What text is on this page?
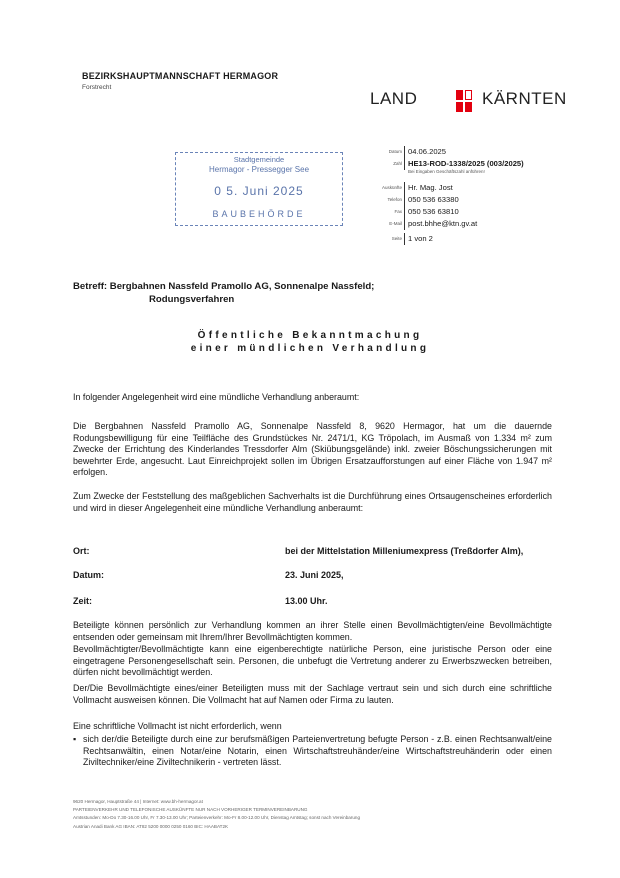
BEZIRKSHAUPTMANNSCHAFT HERMAGOR
Forstrecht
LAND	KÄRNTEN
Stadtgemeinde
Hermagor - Pressegger See
0 5. Juni 2025
BAUBEHÖRDE
Datum 04.06.2025
Zahl HE13-ROD-1338/2025 (003/2025)
Bei Eingaben Geschäftszahl anführen!
Auskünfte Hr. Mag. Jost
Telefon 050 536 63380
Fax 050 536 63810
E-Mail post.bhhe@ktn.gv.at
Seite 1 von 2
Betreff: Bergbahnen Nassfeld Pramollo AG, Sonnenalpe Nassfeld;
Rodungsverfahren
Öffentliche Bekanntmachung
einer mündlichen Verhandlung
In folgender Angelegenheit wird eine mündliche Verhandlung anberaumt:
Die Bergbahnen Nassfeld Pramollo AG, Sonnenalpe Nassfeld 8, 9620 Hermagor, hat um die dauernde Rodungsbewilligung für eine Teilfläche des Grundstückes Nr. 2471/1, KG Tröpolach, im Ausmaß von 1.334 m² zum Zwecke der Errichtung des Kinderlandes Tressdorfer Alm (Skiübungsgelände) inkl. zweier Böschungssicherungen mit bewehrter Erde, angesucht. Laut Einreichprojekt sollen im Übrigen Ersatzaufforstungen auf einer Fläche von 1.947 m² erfolgen.
Zum Zwecke der Feststellung des maßgeblichen Sachverhalts ist die Durchführung eines Ortsaugenscheines erforderlich und wird in dieser Angelegenheit eine mündliche Verhandlung anberaumt:
Ort:	bei der Mittelstation Milleniumexpress (Treßdorfer Alm),
Datum:	23. Juni 2025,
Zeit:	13.00 Uhr.
Beteiligte können persönlich zur Verhandlung kommen an ihrer Stelle einen Bevollmächtigten/eine Bevollmächtigte entsenden oder gemeinsam mit Ihrem/Ihrer Bevollmächtigten kommen.
Bevollmächtigter/Bevollmächtigte kann eine eigenberechtigte natürliche Person, eine juristische Person oder eine eingetragene Personengesellschaft sein. Personen, die unbefugt die Vertretung anderer zu Erwerbszwecken betreiben, dürfen nicht bevollmächtigt werden.
Der/Die Bevollmächtigte eines/einer Beteiligten muss mit der Sachlage vertraut sein und sich durch eine schriftliche Vollmacht ausweisen können. Die Vollmacht hat auf Namen oder Firma zu lauten.
Eine schriftliche Vollmacht ist nicht erforderlich, wenn
▪ sich der/die Beteiligte durch eine zur berufsmäßigen Parteienvertretung befugte Person - z.B. einen Rechtsanwalt/eine Rechtsanwältin, einen Notar/eine Notarin, einen Wirtschaftstreuhänder/eine Wirtschaftstreuhänderin oder einen Ziviltechniker/eine Ziviltechnikerin - vertreten lässt.
9620 Hermagor, Hauptstraße 44 | Internet: www.bh-hermagor.at
PARTEIENVERKEHR UND TELEFONISCHE AUSKÜNFTE NUR NACH VORHERIGER TERMINVEREINBARUNG
Amtsstunden: Mo-Do 7.30-16.00 Uhr, Fr 7.30-13.00 Uhr; Parteienverkehr: Mo-Fr 8.00-12.00 Uhr, Dienstag Amtstag; sonst nach Vereinbarung
Austrian Anadi Bank AG IBAN: AT82 5200 0000 0250 0160 BIC: HAABAT2K
